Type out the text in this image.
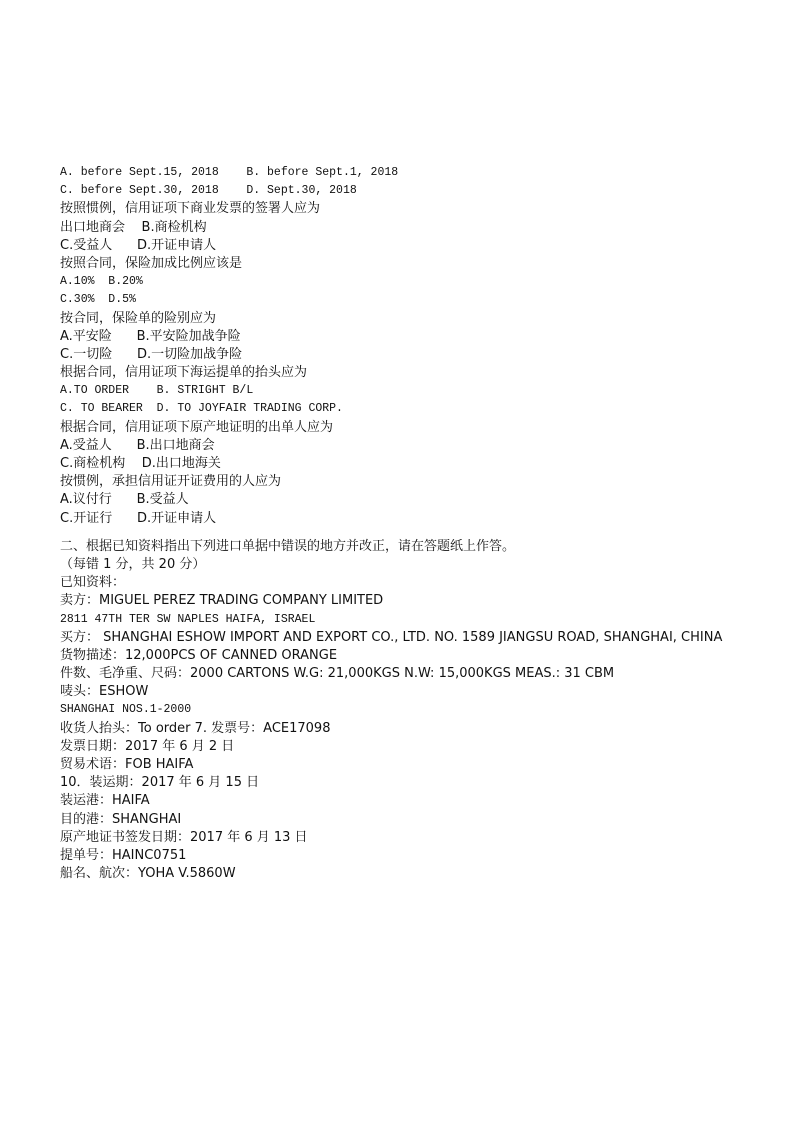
A. before Sept.15, 2018    B. before Sept.1, 2018
C. before Sept.30, 2018    D. Sept.30, 2018
按照惯例，信用证项下商业发票的签署人应为
出口地商会    B.商检机构
C.受益人      D.开证申请人
按照合同，保险加成比例应该是
A.10%  B.20%
C.30%  D.5%
按合同，保险单的险别应为
A.平安险      B.平安险加战争险
C.一切险      D.一切险加战争险
根据合同，信用证项下海运提单的抬头应为
A.TO ORDER    B. STRIGHT B/L
C. TO BEARER  D. TO JOYFAIR TRADING CORP.
根据合同，信用证项下原产地证明的出单人应为
A.受益人      B.出口地商会
C.商检机构    D.出口地海关
按惯例，承担信用证开证费用的人应为
A.议付行      B.受益人
C.开证行      D.开证申请人
二、根据已知资料指出下列进口单据中错误的地方并改正，请在答题纸上作答。
（每错 1 分，共 20 分）
已知资料：
卖方：MIGUEL PEREZ TRADING COMPANY LIMITED
2811 47TH TER SW NAPLES HAIFA, ISRAEL
买方： SHANGHAI ESHOW IMPORT AND EXPORT CO., LTD. NO. 1589 JIANGSU ROAD, SHANGHAI, CHINA
货物描述：12,000PCS OF CANNED ORANGE
件数、毛净重、尺码：2000 CARTONS W.G: 21,000KGS N.W: 15,000KGS MEAS.: 31 CBM
唛头：ESHOW
SHANGHAI NOS.1-2000
收货人抬头：To order 7. 发票号：ACE17098
发票日期：2017 年 6 月 2 日
贸易术语：FOB HAIFA
10．装运期：2017 年 6 月 15 日
装运港：HAIFA
目的港：SHANGHAI
原产地证书签发日期：2017 年 6 月 13 日
提单号：HAINC0751
船名、航次：YOHA V.5860W
